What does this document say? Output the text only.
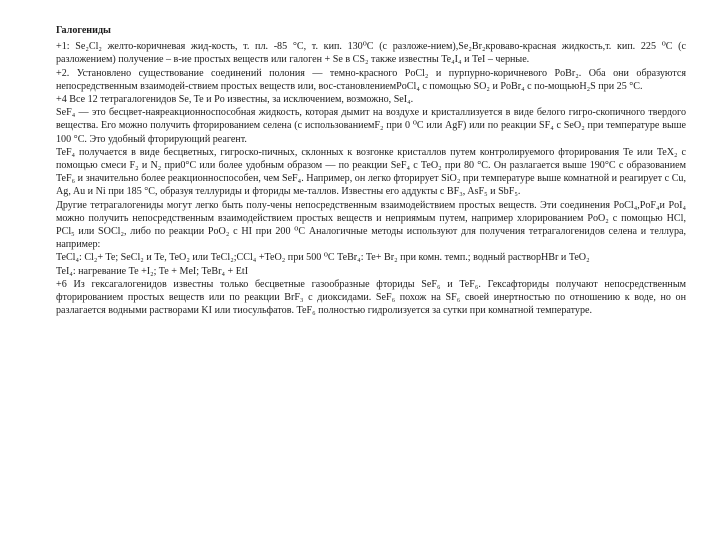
Галогениды

+1: Se₂Cl₂ желто-коричневая жид-кость, т. пл. -85 °С, т. кип. 130⁰С (с разложе-нием),Se₂Br₂кроваво-красная жидкость,т. кип. 225 ⁰С (с разложением) получение – в-ие простых веществ или галоген + Se в CS₂ также известны Te₄I₄ и TeI – черные.

+2. Установлено существование соединений полония — темно-красного PoCl₂ и пурпурно-коричневого PoBr₂. Оба они образуются непосредственным взаимодей-ствием простых веществ или, вос-становлениемPoCl₄ с помощью SO₂ и PoBr₄ с по-мощьюH₂S при 25 °С.

+4 Все 12 тетрагалогенидов Se, Te и Po известны, за исключением, возможно, SeI₄.

SeF₄ — это бесцвет-наяреакционноспособная жидкость, которая дымит на воздухе и кристаллизуется в виде белого гигро-скопичного твердого вещества. Его можно получить фторированием селена (с использованиемF₂ при 0 ⁰С или AgF) или по реакции SF₄ с SeO₂ при температуре выше 100 °С. Это удобный фторирующий реагент.

TeF₄ получается в виде бесцветных, гигроско-пичных, склонных к возгонке кристаллов путем контролируемого фторирования Te или TeX₂ с помощью смеси F₂ и N₂ при0°С или более удобным образом — по реакции SeF₄ с TeO₂ при 80 °С. Он разлагается выше 190°С с образованием TeF₆ и значительно более реакционноспособен, чем SeF₄. Например, он легко фторирует SiO₂ при температуре выше комнатной и реагирует с Cu, Ag, Au и Ni при 185 °С, образуя теллуриды и фториды ме-таллов. Известны его аддукты с BF₃, AsF₅ и SbF₅.

Другие тетрагалогениды могут легко быть полу-чены непосредственным взаимодействием простых веществ. Эти соединения PoCl₄,PoF₄и PoI₄ можно получить непосредственным взаимодействием простых веществ и неприямым путем, например хлорированием PoO₂ с помощью HCl, PCl₅ или SOCl₂, либо по реакции PoO₂ с HI при 200 ⁰С Аналогичные методы используют для получения тетрагалогенидов селена и теллура, например:

TeCl₄: Cl₂+ Te; SeCl₂ и Te, TeO₂ или TeCl₂;CCl₄ +TeO₂ при 500 ⁰С TeBr₄: Te+ Br₂ при комн. темп.; водный растворHBr и TeO₂

TeI₄: нагревание Te +I₂; Te + MeI; TeBr₄ + EtI

+6 Из гексагалогенидов известны только бесцветные газообразные фториды SeF₆ и TeF₆. Гексафториды получают непосредственным фторированием простых веществ или по реакции BrF₃ с диоксидами. SeF₆ похож на SF₆ своей инертностью по отношению к воде, но он разлагается водными растворами KI или тиосульфатов. TeF₆ полностью гидролизуется за сутки при комнатной температуре.
